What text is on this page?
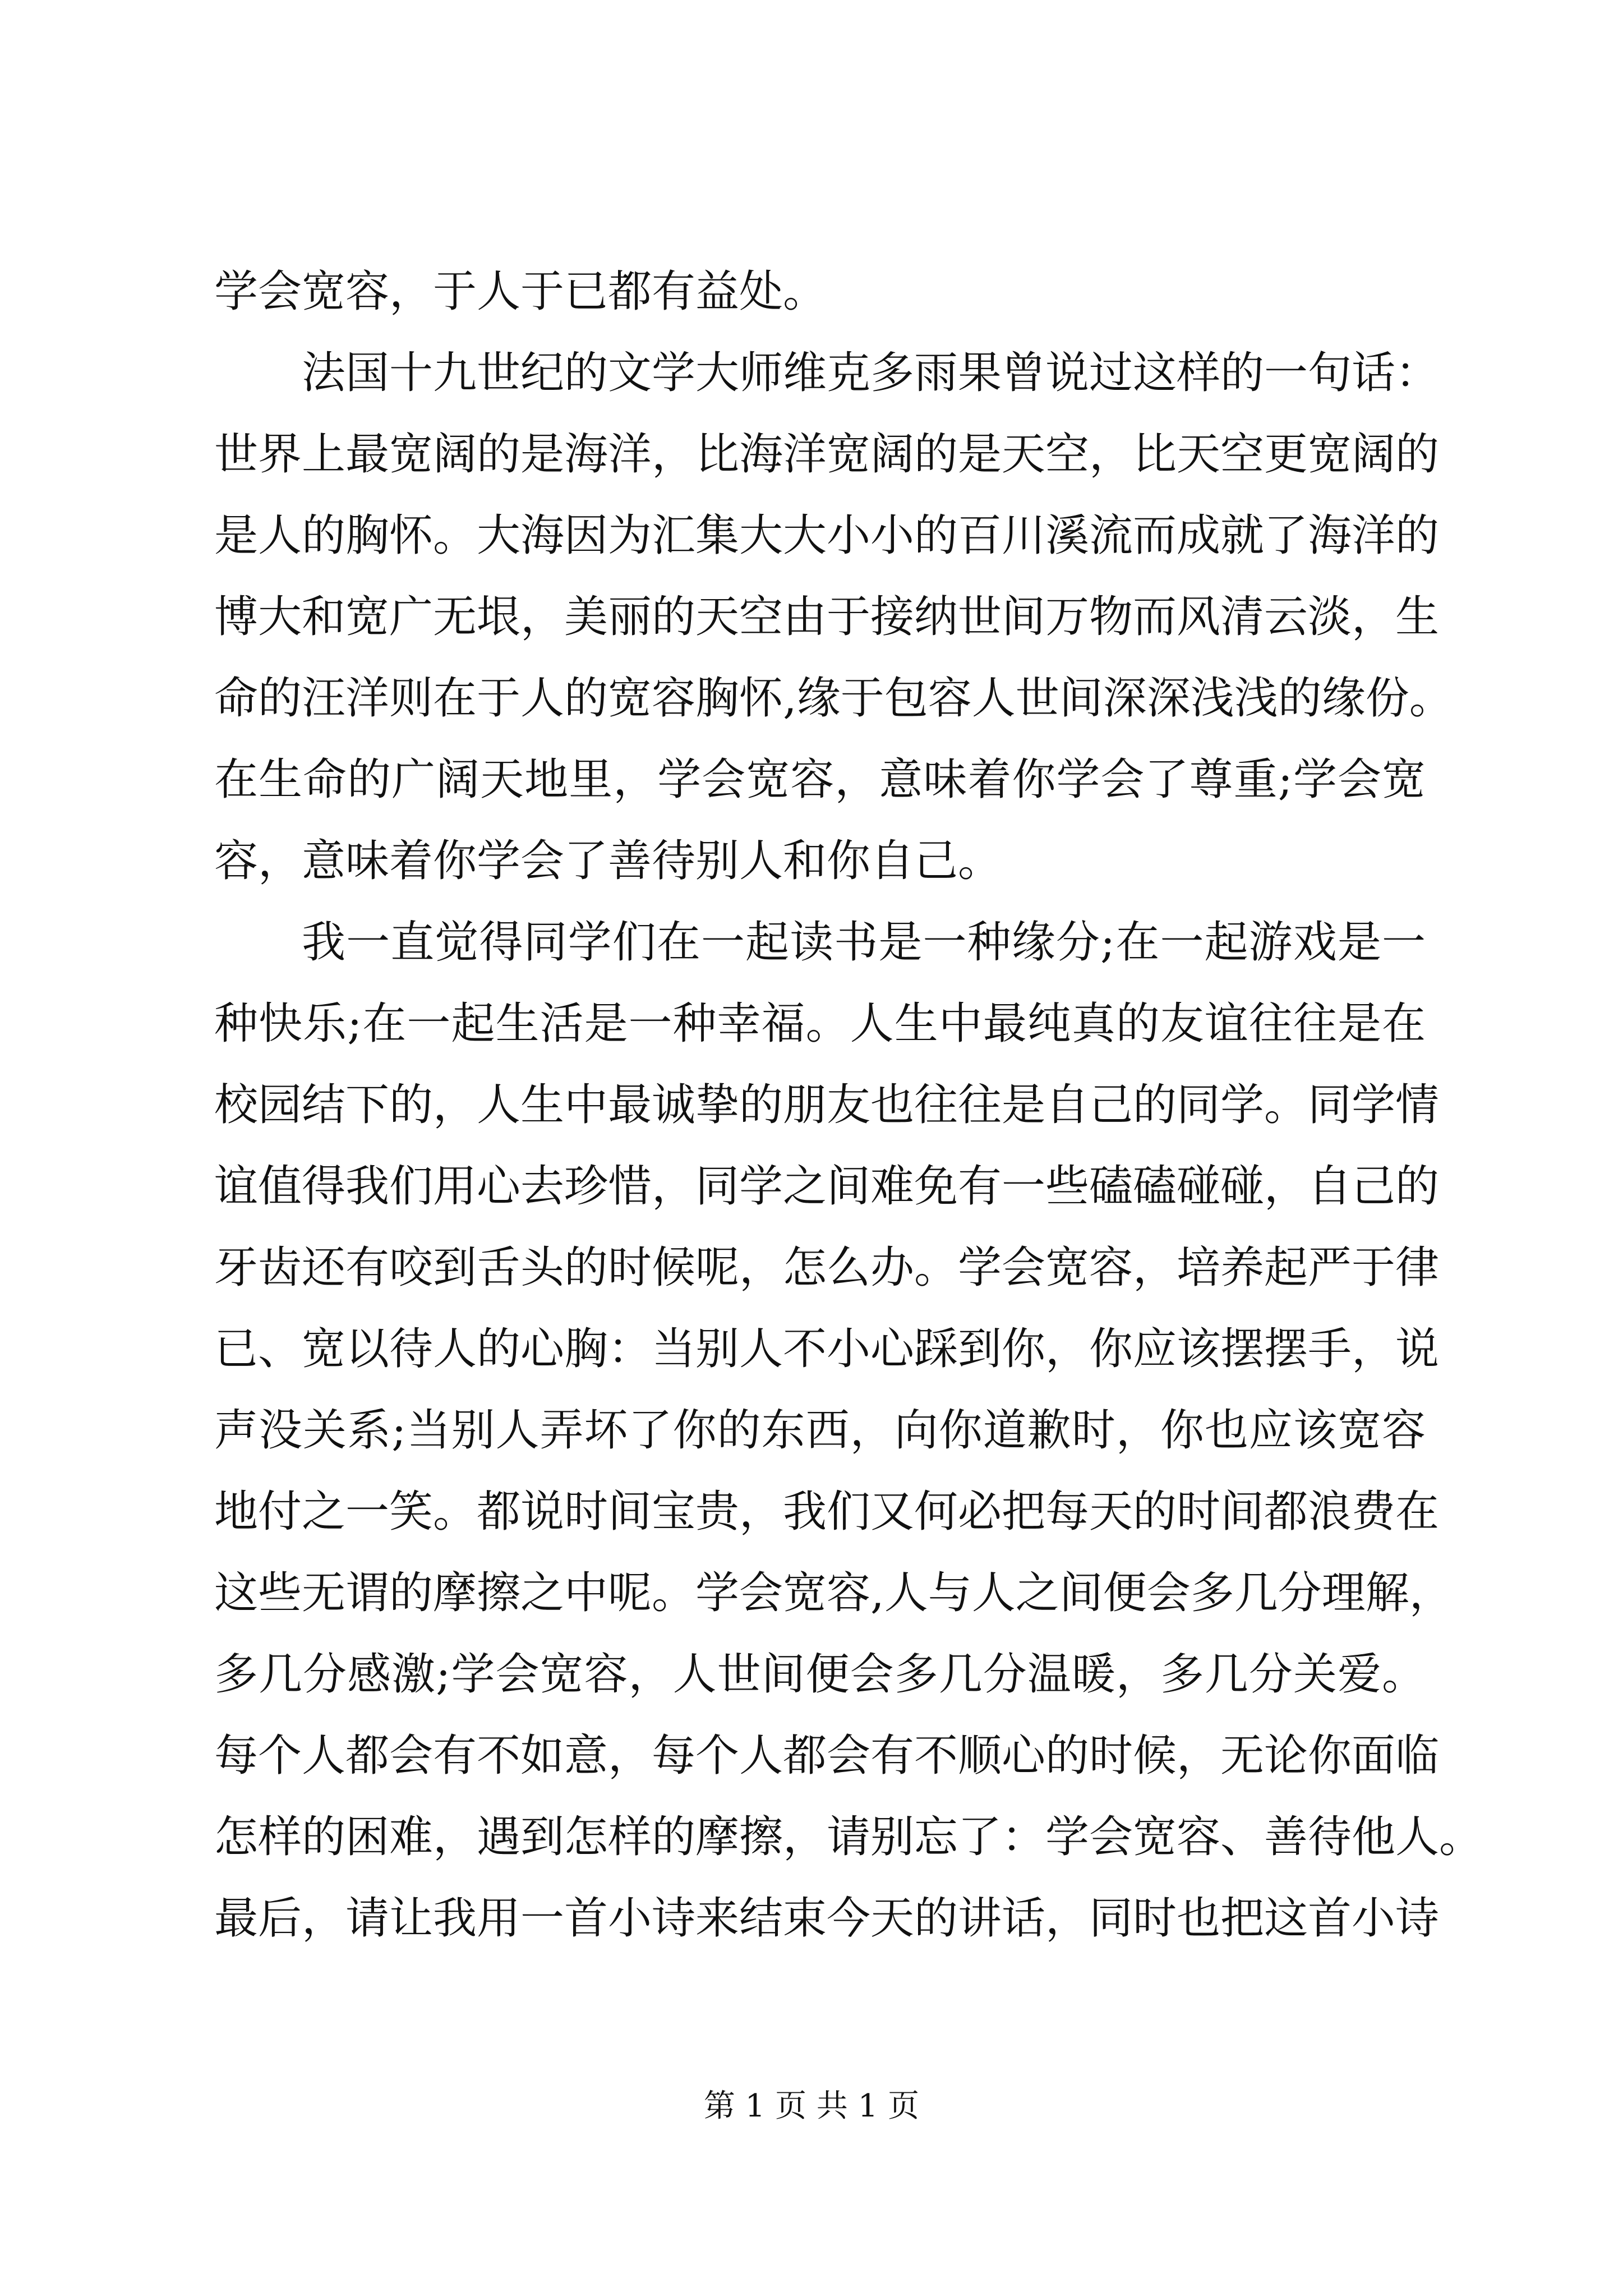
学会宽容，于人于已都有益处。
法国十九世纪的文学大师维克多雨果曾说过这样的一句话：
世界上最宽阔的是海洋，比海洋宽阔的是天空，比天空更宽阔的
是人的胸怀。大海因为汇集大大小小的百川溪流而成就了海洋的
博大和宽广无垠，美丽的天空由于接纳世间万物而风清云淡，生
命的汪洋则在于人的宽容胸怀,缘于包容人世间深深浅浅的缘份。
在生命的广阔天地里，学会宽容，意味着你学会了尊重;学会宽
容，意味着你学会了善待别人和你自己。
我一直觉得同学们在一起读书是一种缘分;在一起游戏是一
种快乐;在一起生活是一种幸福。人生中最纯真的友谊往往是在
校园结下的，人生中最诚挚的朋友也往往是自己的同学。同学情
谊值得我们用心去珍惜，同学之间难免有一些磕磕碰碰，自己的
牙齿还有咬到舌头的时候呢，怎么办。学会宽容，培养起严于律
已、宽以待人的心胸：当别人不小心踩到你，你应该摆摆手，说
声没关系;当别人弄坏了你的东西，向你道歉时，你也应该宽容
地付之一笑。都说时间宝贵，我们又何必把每天的时间都浪费在
这些无谓的摩擦之中呢。学会宽容,人与人之间便会多几分理解，
多几分感激;学会宽容，人世间便会多几分温暖，多几分关爱。
每个人都会有不如意，每个人都会有不顺心的时候，无论你面临
怎样的困难，遇到怎样的摩擦，请别忘了：学会宽容、善待他人。
最后，请让我用一首小诗来结束今天的讲话，同时也把这首小诗
第 1 页 共 1 页
